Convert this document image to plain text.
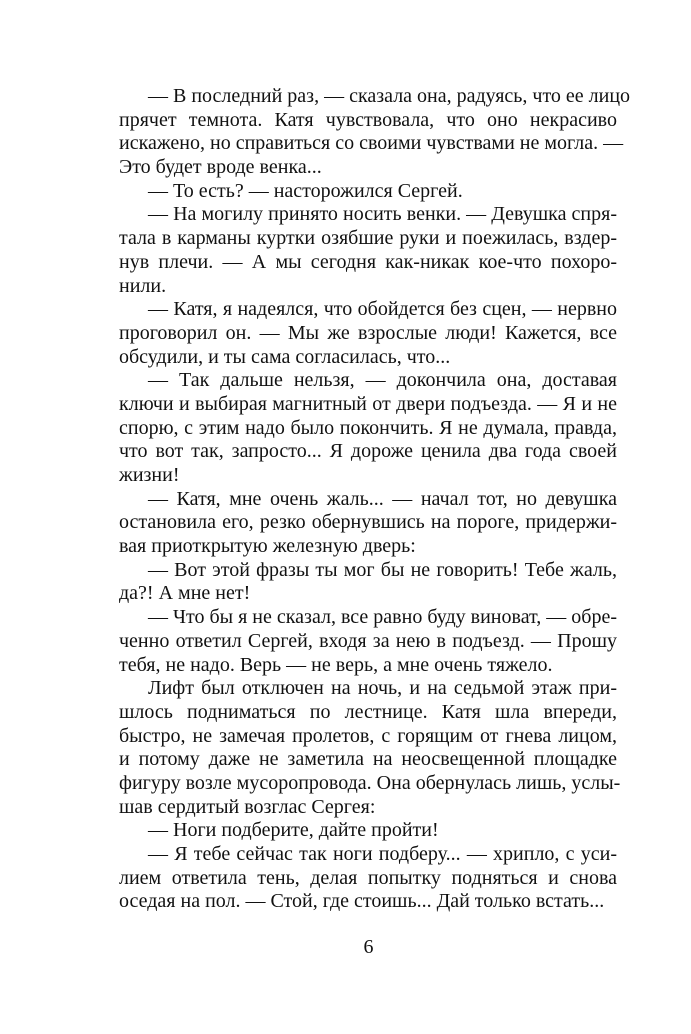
— В последний раз, — сказала она, радуясь, что ее лицо
прячет темнота. Катя чувствовала, что оно некрасиво
искажено, но справиться со своими чувствами не могла. —
Это будет вроде венка...
— То есть? — насторожился Сергей.
— На могилу принято носить венки. — Девушка спря-
тала в карманы куртки озябшие руки и поежилась, вздер-
нув плечи. — А мы сегодня как-никак кое-что похоро-
нили.
— Катя, я надеялся, что обойдется без сцен, — нервно
проговорил он. — Мы же взрослые люди! Кажется, все
обсудили, и ты сама согласилась, что...
— Так дальше нельзя, — докончила она, доставая
ключи и выбирая магнитный от двери подъезда. — Я и не
спорю, с этим надо было покончить. Я не думала, правда,
что вот так, запросто... Я дороже ценила два года своей
жизни!
— Катя, мне очень жаль... — начал тот, но девушка
остановила его, резко обернувшись на пороге, придержи-
вая приоткрытую железную дверь:
— Вот этой фразы ты мог бы не говорить! Тебе жаль,
да?! А мне нет!
— Что бы я не сказал, все равно буду виноват, — обре-
ченно ответил Сергей, входя за нею в подъезд. — Прошу
тебя, не надо. Верь — не верь, а мне очень тяжело.
Лифт был отключен на ночь, и на седьмой этаж при-
шлось подниматься по лестнице. Катя шла впереди,
быстро, не замечая пролетов, с горящим от гнева лицом,
и потому даже не заметила на неосвещенной площадке
фигуру возле мусоропровода. Она обернулась лишь, услы-
шав сердитый возглас Сергея:
— Ноги подберите, дайте пройти!
— Я тебе сейчас так ноги подберу... — хрипло, с уси-
лием ответила тень, делая попытку подняться и снова
оседая на пол. — Стой, где стоишь... Дай только встать...
6
